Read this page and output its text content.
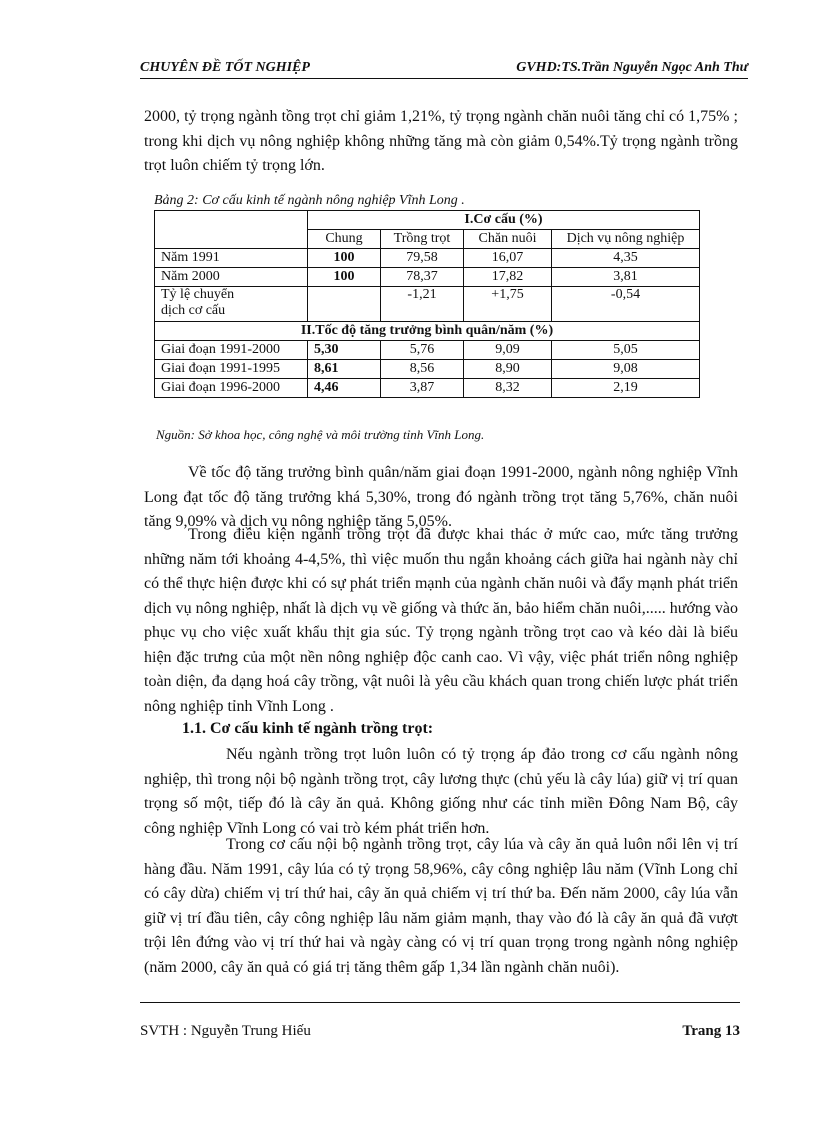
CHUYÊN ĐỀ TỐT NGHIỆP	GVHD:TS.Trần Nguyễn Ngọc Anh Thư

2000, tỷ trọng ngành tồng trọt chỉ giảm 1,21%, tỷ trọng ngành chăn nuôi tăng chỉ có 1,75% ; trong khi dịch vụ nông nghiệp không những tăng mà còn giảm 0,54%.Tỷ trọng ngành trồng trọt luôn chiếm tỷ trọng lớn.

Bảng 2: Cơ cấu kinh tế ngành nông nghiệp Vĩnh Long .
	I.Cơ cấu (%)			
	Chung	Trồng trọt	Chăn nuôi	Dịch vụ nông nghiệp
Năm 1991	100	79,58	16,07	4,35
Năm 2000	100	78,37	17,82	3,81
Tỷ lệ chuyển
dịch cơ cấu		-1,21	+1,75	-0,54
II.Tốc độ tăng trưởng bình quân/năm (%)				
Giai đoạn 1991-2000	5,30	5,76	9,09	5,05
Giai đoạn 1991-1995	8,61	8,56	8,90	9,08
Giai đoạn 1996-2000	4,46	3,87	8,32	2,19
Nguồn: Sở khoa học, công nghệ và môi trường tỉnh Vĩnh Long.

Về tốc độ tăng trưởng bình quân/năm giai đoạn 1991-2000, ngành nông nghiệp Vĩnh Long đạt tốc độ tăng trưởng khá 5,30%, trong đó ngành trồng trọt tăng 5,76%, chăn nuôi tăng 9,09% và dịch vụ nông nghiệp tăng 5,05%.

Trong điều kiện ngành trồng trọt đã được khai thác ở mức cao, mức tăng trưởng những năm tới khoảng 4-4,5%, thì việc muốn thu ngắn khoảng cách giữa hai ngành này chỉ có thể thực hiện được khi có sự phát triển mạnh của ngành chăn nuôi và đẩy mạnh phát triển dịch vụ nông nghiệp, nhất là dịch vụ về giống và thức ăn, bảo hiểm chăn nuôi,..... hướng vào phục vụ cho việc xuất khẩu thịt gia súc. Tỷ trọng ngành trồng trọt cao và kéo dài là biểu hiện đặc trưng của một nền nông nghiệp độc canh cao. Vì vậy, việc phát triển nông nghiệp toàn diện, đa dạng hoá cây trồng, vật nuôi là yêu cầu khách quan trong chiến lược phát triển nông nghiệp tỉnh Vĩnh Long .

1.1. Cơ cấu kinh tế ngành trồng trọt:

Nếu ngành trồng trọt luôn luôn có tỷ trọng áp đảo trong cơ cấu ngành nông nghiệp, thì trong nội bộ ngành trồng trọt, cây lương thực (chủ yếu là cây lúa) giữ vị trí quan trọng số một, tiếp đó là cây ăn quả. Không giống như các tỉnh miền Đông Nam Bộ, cây công nghiệp Vĩnh Long có vai trò kém phát triển hơn.

Trong cơ cấu nội bộ ngành trồng trọt, cây lúa và cây ăn quả luôn nổi lên vị trí hàng đầu. Năm 1991, cây lúa có tỷ trọng 58,96%, cây công nghiệp lâu năm (Vĩnh Long chỉ có cây dừa) chiếm vị trí thứ hai, cây ăn quả chiếm vị trí thứ ba. Đến năm 2000, cây lúa vẫn giữ vị trí đầu tiên, cây công nghiệp lâu năm giảm mạnh, thay vào đó là cây ăn quả đã vượt trội lên đứng vào vị trí thứ hai và ngày càng có vị trí quan trọng trong ngành nông nghiệp (năm 2000, cây ăn quả có giá trị tăng thêm gấp 1,34 lần ngành chăn nuôi).

SVTH : Nguyễn Trung Hiếu	Trang 13
